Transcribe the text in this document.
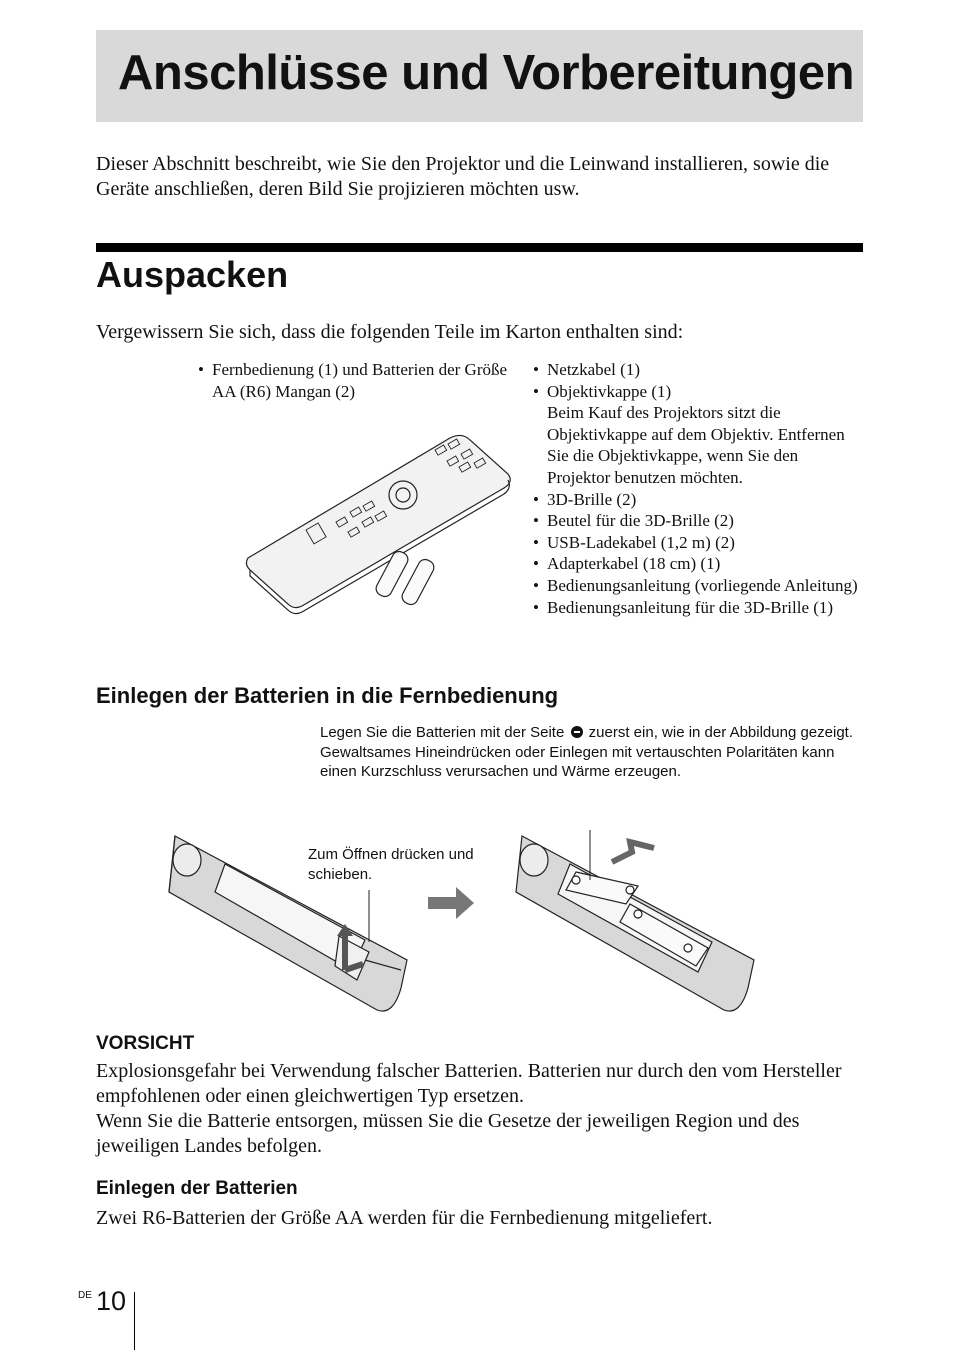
Anschlüsse und Vorbereitungen

Dieser Abschnitt beschreibt, wie Sie den Projektor und die Leinwand installieren, sowie die Geräte anschließen, deren Bild Sie projizieren möchten usw.

Auspacken

Vergewissern Sie sich, dass die folgenden Teile im Karton enthalten sind:

• Fernbedienung (1) und Batterien der Größe AA (R6) Mangan (2)
• Netzkabel (1)
• Objektivkappe (1)
Beim Kauf des Projektors sitzt die Objektivkappe auf dem Objektiv. Entfernen Sie die Objektivkappe, wenn Sie den Projektor benutzen möchten.
• 3D-Brille (2)
• Beutel für die 3D-Brille (2)
• USB-Ladekabel (1,2 m) (2)
• Adapterkabel (18 cm) (1)
• Bedienungsanleitung (vorliegende Anleitung)
• Bedienungsanleitung für die 3D-Brille (1)
Einlegen der Batterien in die Fernbedienung

Legen Sie die Batterien mit der Seite zuerst ein, wie in der Abbildung gezeigt.

Gewaltsames Hineindrücken oder Einlegen mit vertauschten Polaritäten kann einen Kurzschluss verursachen und Wärme erzeugen.

Zum Öffnen drücken und schieben.

VORSICHT

Explosionsgefahr bei Verwendung falscher Batterien. Batterien nur durch den vom Hersteller empfohlenen oder einen gleichwertigen Typ ersetzen.

Wenn Sie die Batterie entsorgen, müssen Sie die Gesetze der jeweiligen Region und des jeweiligen Landes befolgen.

Einlegen der Batterien

Zwei R6-Batterien der Größe AA werden für die Fernbedienung mitgeliefert.

DE 10
